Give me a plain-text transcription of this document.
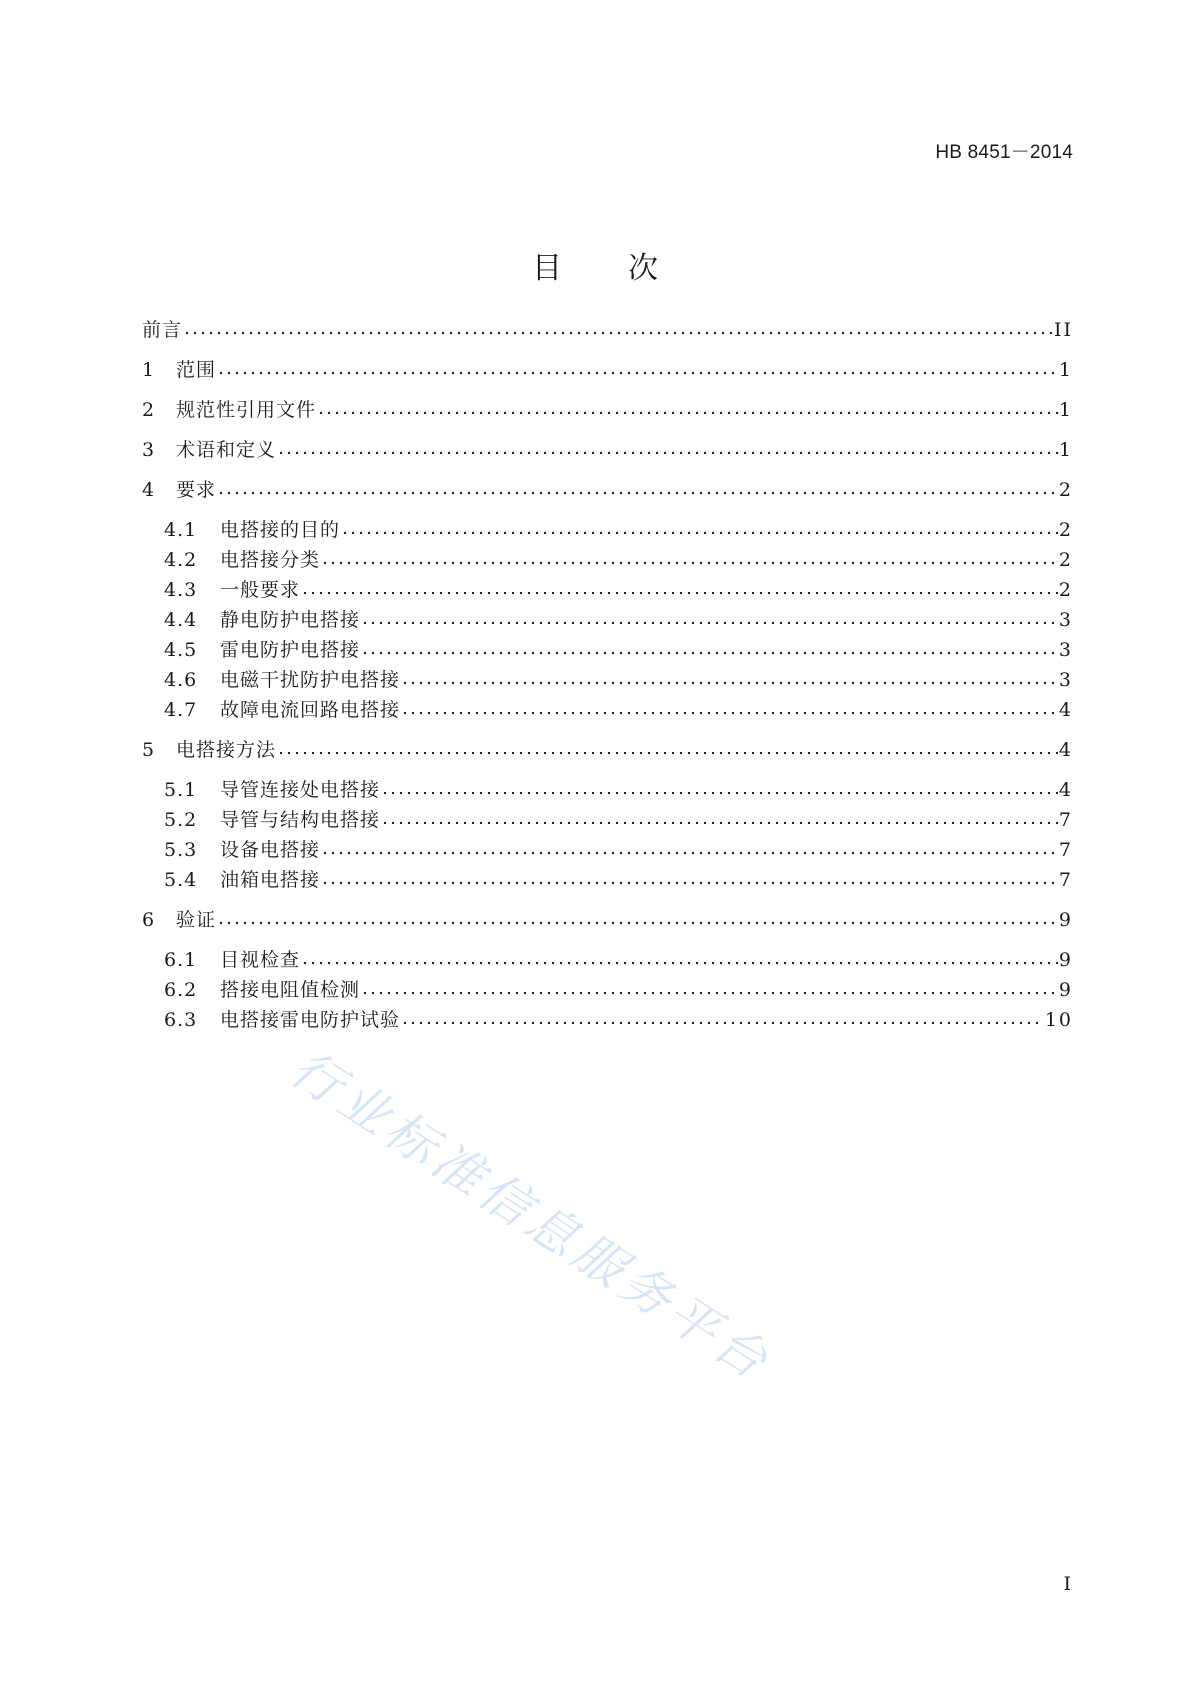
HB 8451－2014
目 次
前言	II
1	范围	1
2	规范性引用文件	1
3	术语和定义	1
4	要求	2
4.1	电搭接的目的	2
4.2	电搭接分类	2
4.3	一般要求	2
4.4	静电防护电搭接	3
4.5	雷电防护电搭接	3
4.6	电磁干扰防护电搭接	3
4.7	故障电流回路电搭接	4
5	电搭接方法	4
5.1	导管连接处电搭接	4
5.2	导管与结构电搭接	7
5.3	设备电搭接	7
5.4	油箱电搭接	7
6	验证	9
6.1	目视检查	9
6.2	搭接电阻值检测	9
6.3	电搭接雷电防护试验	10
行业标准信息服务平台
I
